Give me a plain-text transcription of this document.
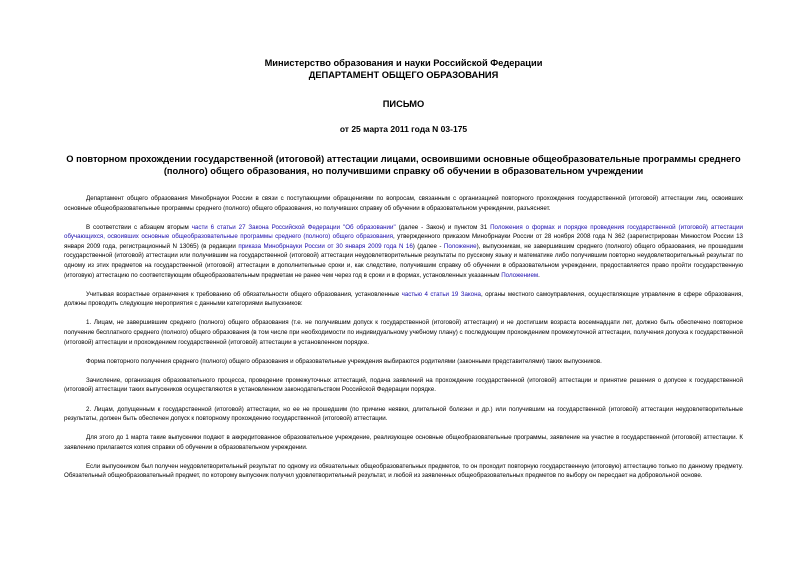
Министерство образования и науки Российской Федерации
ДЕПАРТАМЕНТ ОБЩЕГО ОБРАЗОВАНИЯ
ПИСЬМО
от 25 марта 2011 года N 03-175
О повторном прохождении государственной (итоговой) аттестации лицами, освоившими основные общеобразовательные программы среднего (полного) общего образования, но получившими справку об обучении в образовательном учреждении

Департамент общего образования Минобрнауки России в связи с поступающими обращениями по вопросам, связанным с организацией повторного прохождения государственной (итоговой) аттестации лиц, освоивших основные общеобразовательные программы среднего (полного) общего образования, но получивших справку об обучении в образовательном учреждении, разъясняет.

В соответствии с абзацем вторым части 6 статьи 27 Закона Российской Федерации "Об образовании" (далее - Закон) и пунктом 31 Положения о формах и порядке проведения государственной (итоговой) аттестации обучающихся, освоивших основные общеобразовательные программы среднего (полного) общего образования, утвержденного приказом Минобрнауки России от 28 ноября 2008 года N 362 (зарегистрирован Минюстом России 13 января 2009 года, регистрационный N 13065) (в редакции приказа Минобрнауки России от 30 января 2009 года N 16) (далее - Положение), выпускникам, не завершившим среднего (полного) общего образования, не прошедшим государственной (итоговой) аттестации или получившим на государственной (итоговой) аттестации неудовлетворительные результаты по русскому языку и математике либо получившим повторно неудовлетворительный результат по одному из этих предметов на государственной (итоговой) аттестации в дополнительные сроки и, как следствие, получившим справку об обучении в образовательном учреждении, предоставляется право пройти государственную (итоговую) аттестацию по соответствующим общеобразовательным предметам не ранее чем через год в сроки и в формах, установленных указанным Положением.

Учитывая возрастные ограничения к требованию об обязательности общего образования, установленные частью 4 статьи 19 Закона, органы местного самоуправления, осуществляющие управление в сфере образования, должны проводить следующие мероприятия с данными категориями выпускников:

1. Лицам, не завершившим среднего (полного) общего образования (т.е. не получившим допуск к государственной (итоговой) аттестации) и не достигшим возраста восемнадцати лет, должно быть обеспечено повторное получение бесплатного среднего (полного) общего образования (в том числе при необходимости по индивидуальному учебному плану) с последующим прохождением промежуточной аттестации, получения допуска к государственной (итоговой) аттестации и прохождением государственной (итоговой) аттестации в установленном порядке.

Форма повторного получения среднего (полного) общего образования и образовательные учреждения выбираются родителями (законными представителями) таких выпускников.

Зачисление, организация образовательного процесса, проведение промежуточных аттестаций, подача заявлений на прохождение государственной (итоговой) аттестации и принятие решения о допуске к государственной (итоговой) аттестации таких выпускников осуществляются в установленном законодательством Российской Федерации порядке.

2. Лицам, допущенным к государственной (итоговой) аттестации, но ее не прошедшим (по причине неявки, длительной болезни и др.) или получившим на государственной (итоговой) аттестации неудовлетворительные результаты, должен быть обеспечен допуск к повторному прохождению государственной (итоговой) аттестации.

Для этого до 1 марта такие выпускники подают в аккредитованное образовательное учреждение, реализующее основные общеобразовательные программы, заявление на участие в государственной (итоговой) аттестации. К заявлению прилагается копия справки об обучении в образовательном учреждении.

Если выпускником был получен неудовлетворительный результат по одному из обязательных общеобразовательных предметов, то он проходит повторную государственную (итоговую) аттестацию только по данному предмету. Обязательный общеобразовательный предмет, по которому выпускник получил удовлетворительный результат, и любой из заявленных общеобразовательных предметов по выбору он пересдает на добровольной основе.
